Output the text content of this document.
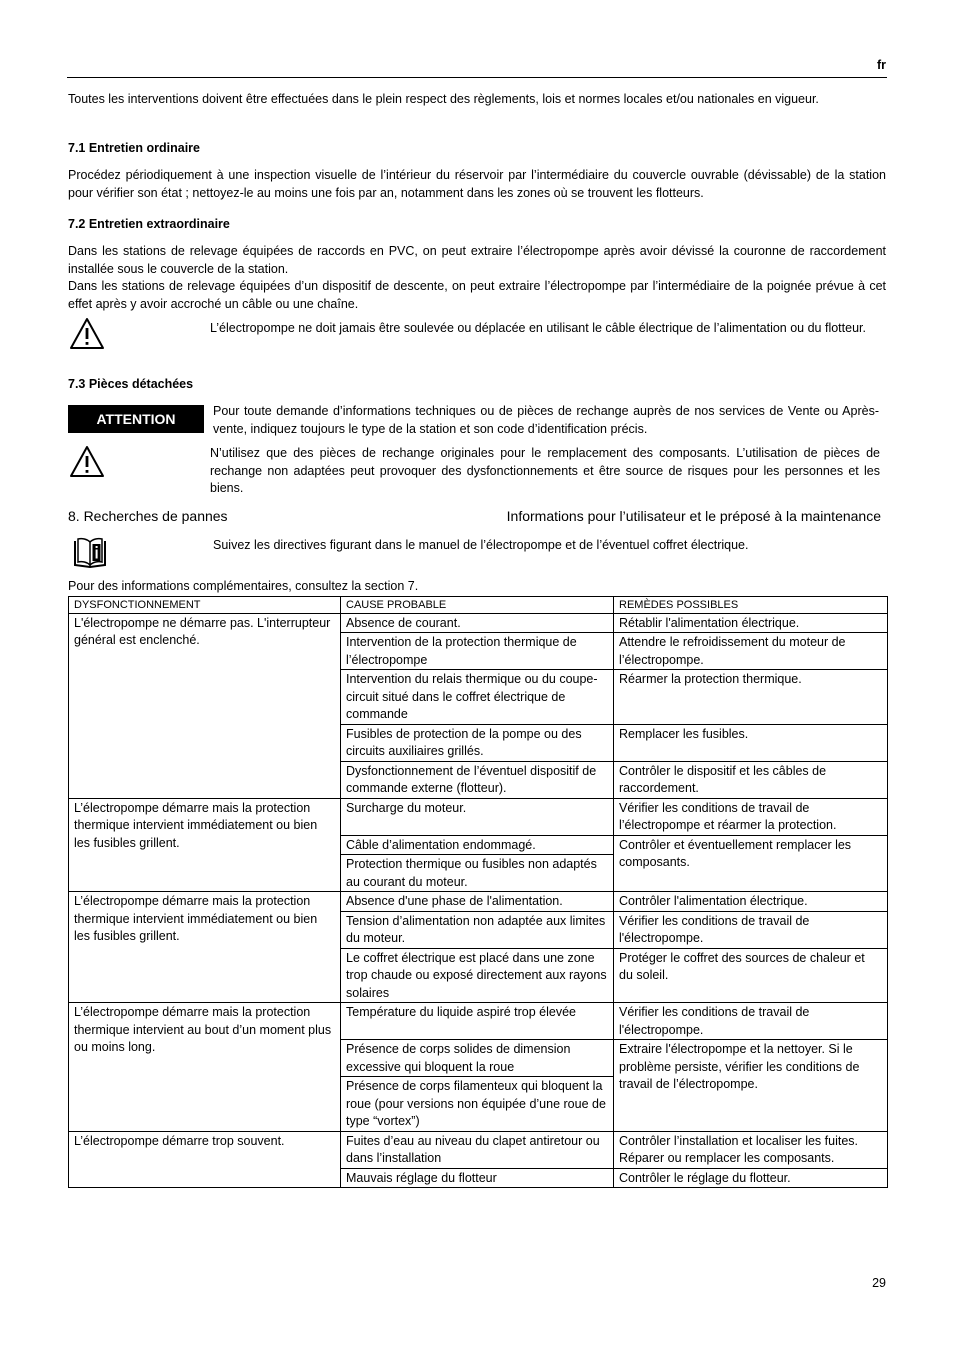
fr
Toutes les interventions doivent être effectuées dans le plein respect des règlements, lois et normes locales et/ou nationales en vigueur.
7.1 Entretien ordinaire
Procédez périodiquement à une inspection visuelle de l’intérieur du réservoir par l’intermédiaire du couvercle ouvrable (dévissable) de la station pour vérifier son état ; nettoyez-le au moins une fois par an, notamment dans les zones où se trouvent les flotteurs.
7.2 Entretien extraordinaire
Dans les stations de relevage équipées de raccords en PVC, on peut extraire l’électropompe après avoir dévissé la couronne de raccordement installée sous le couvercle de la station.
Dans les stations de relevage équipées d’un dispositif de descente, on peut extraire l’électropompe par l’intermédiaire de la poignée prévue à cet effet après y avoir accroché un câble ou une chaîne.
L’électropompe ne doit jamais être soulevée ou déplacée en utilisant le câble électrique de l’alimentation ou du flotteur.
7.3 Pièces détachées
ATTENTION	Pour toute demande d’informations techniques ou de pièces de rechange auprès de nos services de Vente ou Après-vente, indiquez toujours le type de la station et son code d’identification précis.
N’utilisez que des pièces de rechange originales pour le remplacement des composants. L’utilisation de pièces de rechange non adaptées peut provoquer des dysfonctionnements et être source de risques pour les personnes et les biens.
8. Recherches de pannes	Informations pour l’utilisateur et le préposé à la maintenance
Suivez les directives figurant dans le manuel de l’électropompe et de l’éventuel coffret électrique.
Pour des informations complémentaires, consultez la section 7.
DYSFONCTIONNEMENT	CAUSE PROBABLE	REMÈDES POSSIBLES
L'électropompe ne démarre pas. L'interrupteur général est enclenché.	Absence de courant.	Rétablir l'alimentation électrique.
	Intervention de la protection thermique de l’électropompe	Attendre le refroidissement du moteur de l’électropompe.
	Intervention du relais thermique ou du coupe-circuit situé dans le coffret électrique de commande	Réarmer la protection thermique.
	Fusibles de protection de la pompe ou des circuits auxiliaires grillés.	Remplacer les fusibles.
	Dysfonctionnement de l’éventuel dispositif de commande externe (flotteur).	Contrôler le dispositif et les câbles de raccordement.
L’électropompe démarre mais la protection thermique intervient immédiatement ou bien les fusibles grillent.	Surcharge du moteur.	Vérifier les conditions de travail de l’électropompe et réarmer la protection.
	Câble d’alimentation endommagé.	Contrôler et éventuellement remplacer les composants.
	Protection thermique ou fusibles non adaptés au courant du moteur.	
L’électropompe démarre mais la protection thermique intervient immédiatement ou bien les fusibles grillent.	Absence d'une phase de l'alimentation.	Contrôler l'alimentation électrique.
	Tension d’alimentation non adaptée aux limites du moteur.	Vérifier les conditions de travail de l'électropompe.
	Le coffret électrique est placé dans une zone trop chaude ou exposé directement aux rayons solaires	Protéger le coffret des sources de chaleur et du soleil.
L’électropompe démarre mais la protection thermique intervient au bout d’un moment plus ou moins long.	Température du liquide aspiré trop élevée	Vérifier les conditions de travail de l'électropompe.
	Présence de corps solides de dimension excessive qui bloquent la roue	Extraire l'électropompe et la nettoyer. Si le problème persiste, vérifier les conditions de travail de l’électropompe.
	Présence de corps filamenteux qui bloquent la roue (pour versions non équipée d’une roue de type “vortex”)	
L’électropompe démarre trop souvent.	Fuites d’eau au niveau du clapet antiretour ou dans l’installation	Contrôler l’installation et localiser les fuites. Réparer ou remplacer les composants.
	Mauvais réglage du flotteur	Contrôler le réglage du flotteur.
29
